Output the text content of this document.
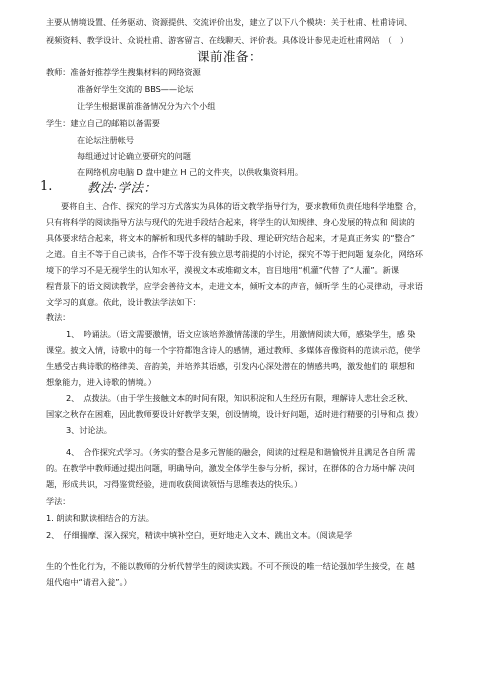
主要从情境设置、任务驱动、资源提供、交流评价出发，建立了以下八个模块：关于杜甫、杜甫诗词、
视频资料、教学设计、众说杜甫、游客留言、在线聊天、评价表。具体设计参见走近杜甫网站　（　）
课前准备：
教师：准备好推荐学生搜集材料的网络资源
准备好学生交流的 BBS——论坛
让学生根据课前准备情况分为六个小组
学生：建立自己的邮箱以备需要
在论坛注册帐号
每组通过讨论确立要研究的问题
在网络机房电脑 D 盘中建立 H 己的文件夹，以供收集资料用。
1.	教法·学法：
要将自主、合作、探究的学习方式落实为具体的语文教学指导行为，要求教师负责任地科学地整 合，
只有将科学的阅读指导方法与现代的先进手段结合起来，将学生的认知规律、身心发展的特点和 阅读的
具体要求结合起来，将文本的解析和现代多样的辅助手段、理论研究结合起来，才是真正务实 的“整合”
之道。自主不等于自己读书，合作不等于没有独立思考前提的小讨论，探究不等于把问题 复杂化，网络环
境下的学习不是无视学生的认知水平，漠视文本或堆砌文本，盲目地用“机灌”代替 了“人灌”。新课
程背景下的语文阅读教学，应学会善待文本，走进文本，倾听文本的声音，倾听学 生的心灵律动，寻求语
文学习的真意。依此，设计教法学法如下：
教法：
1、　吟诵法。（语文需要激情，语文应该培养激情荡漾的学生，用激情阅读大师，感染学生，感 染
课堂。披文入情，诗歌中的每一个字符都饱含诗人的感情，通过教师、多媒体音像资料的范读示范，使学
生感受古典诗歌的格律美、音韵美，并培养其语感，引发内心深处潜在的情感共鸣，激发他们的 联想和
想象能力，进入诗歌的情境。）
2、　点拨法。（由于学生接触文本的时间有限，知识积淀和人生经历有限，理解诗人悲壮会乏秋、
国家之秋存在困难，因此教师要设计好教学支架，创设情境，设计好问题，适时进行精要的引导和点 拨）
3、讨论法。
4、　合作探究式学习。（务实的整合是多元智能的融会，阅读的过程是和谐愉悦并且满足各自所 需
的。在教学中教师通过提出问题，明确导向，激发全体学生参与分析，探讨，在群体的合力场中解 决问
题，形成共识，习得鉴赏经验，进而收获阅读领悟与思维表达的快乐。）
学法：
1. 朗读和默读相结合的方法。
2、　仔细揣摩、深入探究，精读中填补空白，更好地走入文本、跳出文本。（阅读是学
生的个性化行为，不能以教师的分析代替学生的阅读实践。不可不预设的唯一结论强加学生接受，在 越
俎代庖中“请君入瓮”。）
